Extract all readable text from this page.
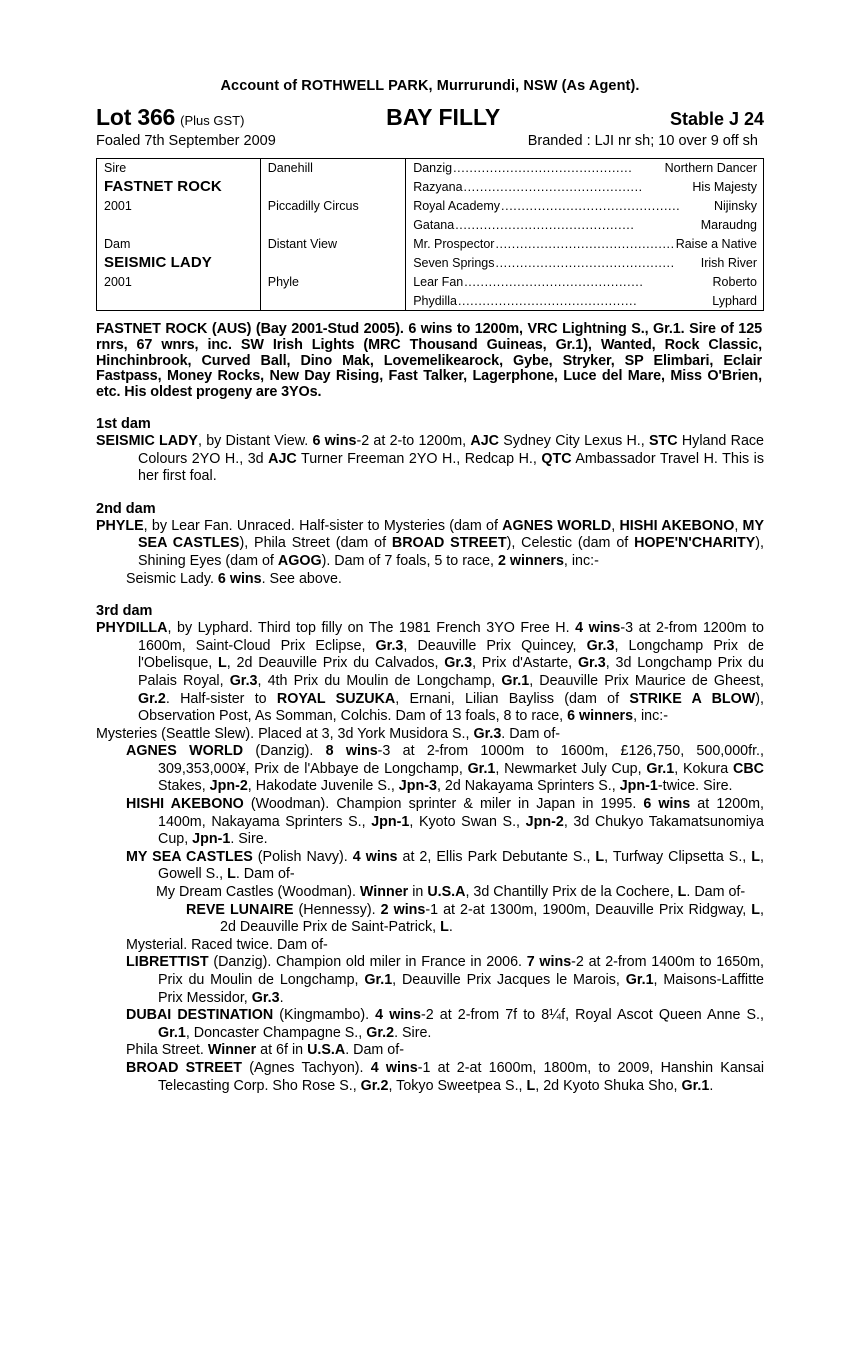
Account of ROTHWELL PARK, Murrurundi, NSW (As Agent).
Lot 366 (Plus GST)	BAY FILLY	Stable J 24
Foaled 7th September 2009	Branded : LJI nr sh; 10 over 9 off sh
Sire	Danehill	Danzig ............................................ Northern Dancer

FASTNET ROCK		Razyana ............................................ His Majesty

2001	Piccadilly Circus	Royal Academy ............................................ Nijinsky

		Gatana ............................................ Maraudng

Dam	Distant View	Mr. Prospector ............................................ Raise a Native

SEISMIC LADY		Seven Springs ............................................ Irish River

2001	Phyle	Lear Fan ............................................ Roberto

		Phydilla ............................................ Lyphard
FASTNET ROCK (AUS) (Bay 2001-Stud 2005). 6 wins to 1200m, VRC Lightning S., Gr.1. Sire of 125 rnrs, 67 wnrs, inc. SW Irish Lights (MRC Thousand Guineas, Gr.1), Wanted, Rock Classic, Hinchinbrook, Curved Ball, Dino Mak, Lovemelikearock, Gybe, Stryker, SP Elimbari, Eclair Fastpass, Money Rocks, New Day Rising, Fast Talker, Lagerphone, Luce del Mare, Miss O'Brien, etc. His oldest progeny are 3YOs.
1st dam
SEISMIC LADY, by Distant View. 6 wins-2 at 2-to 1200m, AJC Sydney City Lexus H., STC Hyland Race Colours 2YO H., 3d AJC Turner Freeman 2YO H., Redcap H., QTC Ambassador Travel H. This is her first foal.
2nd dam
PHYLE, by Lear Fan. Unraced. Half-sister to Mysteries (dam of AGNES WORLD, HISHI AKEBONO, MY SEA CASTLES), Phila Street (dam of BROAD STREET), Celestic (dam of HOPE'N'CHARITY), Shining Eyes (dam of AGOG). Dam of 7 foals, 5 to race, 2 winners, inc:-
Seismic Lady. 6 wins. See above.
3rd dam
PHYDILLA, by Lyphard. Third top filly on The 1981 French 3YO Free H. 4 wins-3 at 2-from 1200m to 1600m, Saint-Cloud Prix Eclipse, Gr.3, Deauville Prix Quincey, Gr.3, Longchamp Prix de l'Obelisque, L, 2d Deauville Prix du Calvados, Gr.3, Prix d'Astarte, Gr.3, 3d Longchamp Prix du Palais Royal, Gr.3, 4th Prix du Moulin de Longchamp, Gr.1, Deauville Prix Maurice de Gheest, Gr.2. Half-sister to ROYAL SUZUKA, Ernani, Lilian Bayliss (dam of STRIKE A BLOW), Observation Post, As Somman, Colchis. Dam of 13 foals, 8 to race, 6 winners, inc:-
Mysteries (Seattle Slew). Placed at 3, 3d York Musidora S., Gr.3. Dam of-
AGNES WORLD (Danzig). 8 wins-3 at 2-from 1000m to 1600m, £126,750, 500,000fr., 309,353,000¥, Prix de l'Abbaye de Longchamp, Gr.1, Newmarket July Cup, Gr.1, Kokura CBC Stakes, Jpn-2, Hakodate Juvenile S., Jpn-3, 2d Nakayama Sprinters S., Jpn-1-twice. Sire.
HISHI AKEBONO (Woodman). Champion sprinter & miler in Japan in 1995. 6 wins at 1200m, 1400m, Nakayama Sprinters S., Jpn-1, Kyoto Swan S., Jpn-2, 3d Chukyo Takamatsunomiya Cup, Jpn-1. Sire.
MY SEA CASTLES (Polish Navy). 4 wins at 2, Ellis Park Debutante S., L, Turfway Clipsetta S., L, Gowell S., L. Dam of-
My Dream Castles (Woodman). Winner in U.S.A, 3d Chantilly Prix de la Cochere, L. Dam of-
REVE LUNAIRE (Hennessy). 2 wins-1 at 2-at 1300m, 1900m, Deauville Prix Ridgway, L, 2d Deauville Prix de Saint-Patrick, L.
Mysterial. Raced twice. Dam of-
LIBRETTIST (Danzig). Champion old miler in France in 2006. 7 wins-2 at 2-from 1400m to 1650m, Prix du Moulin de Longchamp, Gr.1, Deauville Prix Jacques le Marois, Gr.1, Maisons-Laffitte Prix Messidor, Gr.3.
DUBAI DESTINATION (Kingmambo). 4 wins-2 at 2-from 7f to 8¼f, Royal Ascot Queen Anne S., Gr.1, Doncaster Champagne S., Gr.2. Sire.
Phila Street. Winner at 6f in U.S.A. Dam of-
BROAD STREET (Agnes Tachyon). 4 wins-1 at 2-at 1600m, 1800m, to 2009, Hanshin Kansai Telecasting Corp. Sho Rose S., Gr.2, Tokyo Sweetpea S., L, 2d Kyoto Shuka Sho, Gr.1.
